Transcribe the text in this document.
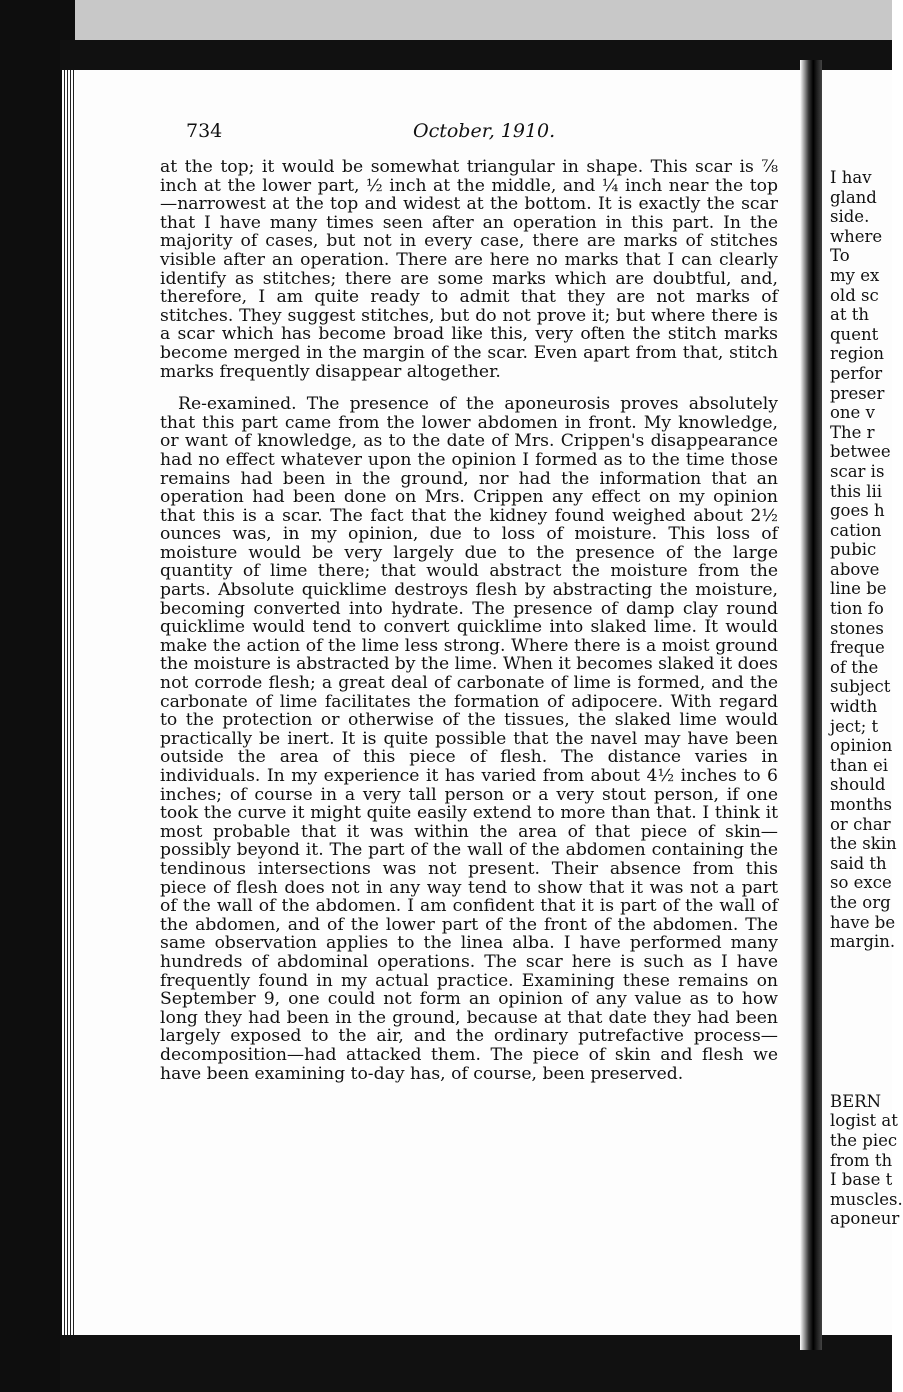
734	October, 1910.

at the top; it would be somewhat triangular in shape. This scar is ⅞ inch at the lower part, ½ inch at the middle, and ¼ inch near the top—narrowest at the top and widest at the bottom. It is exactly the scar that I have many times seen after an operation in this part. In the majority of cases, but not in every case, there are marks of stitches visible after an operation. There are here no marks that I can clearly identify as stitches; there are some marks which are doubtful, and, therefore, I am quite ready to admit that they are not marks of stitches. They suggest stitches, but do not prove it; but where there is a scar which has become broad like this, very often the stitch marks become merged in the margin of the scar. Even apart from that, stitch marks frequently disappear altogether.

Re-examined. The presence of the aponeurosis proves absolutely that this part came from the lower abdomen in front. My knowledge, or want of knowledge, as to the date of Mrs. Crippen's disappearance had no effect whatever upon the opinion I formed as to the time those remains had been in the ground, nor had the information that an operation had been done on Mrs. Crippen any effect on my opinion that this is a scar. The fact that the kidney found weighed about 2½ ounces was, in my opinion, due to loss of moisture. This loss of moisture would be very largely due to the presence of the large quantity of lime there; that would abstract the moisture from the parts. Absolute quicklime destroys flesh by abstracting the moisture, becoming converted into hydrate. The presence of damp clay round quicklime would tend to convert quicklime into slaked lime. It would make the action of the lime less strong. Where there is a moist ground the moisture is abstracted by the lime. When it becomes slaked it does not corrode flesh; a great deal of carbonate of lime is formed, and the carbonate of lime facilitates the formation of adipocere. With regard to the protection or otherwise of the tissues, the slaked lime would practically be inert. It is quite possible that the navel may have been outside the area of this piece of flesh. The distance varies in individuals. In my experience it has varied from about 4½ inches to 6 inches; of course in a very tall person or a very stout person, if one took the curve it might quite easily extend to more than that. I think it most probable that it was within the area of that piece of skin—possibly beyond it. The part of the wall of the abdomen containing the tendinous intersections was not present. Their absence from this piece of flesh does not in any way tend to show that it was not a part of the wall of the abdomen. I am confident that it is part of the wall of the abdomen, and of the lower part of the front of the abdomen. The same observation applies to the linea alba. I have performed many hundreds of abdominal operations. The scar here is such as I have frequently found in my actual practice. Examining these remains on September 9, one could not form an opinion of any value as to how long they had been in the ground, because at that date they had been largely exposed to the air, and the ordinary putrefactive process—decomposition—had attacked them. The piece of skin and flesh we have been examining to-day has, of course, been preserved.

I hav
gland
side.
where
To
my ex
old sc
at th
quent
region
perfor
preser
one v
The r
betwee
scar is
this lii
goes h
cation
pubic
above
line be
tion fo
stones
freque
of the
subject
width
ject; t
opinion
than ei
should
months
or char
the skin
said th
so exce
the org
have be
margin.
BERN
logist at
the piec
from th
I base t
muscles.
aponeur
